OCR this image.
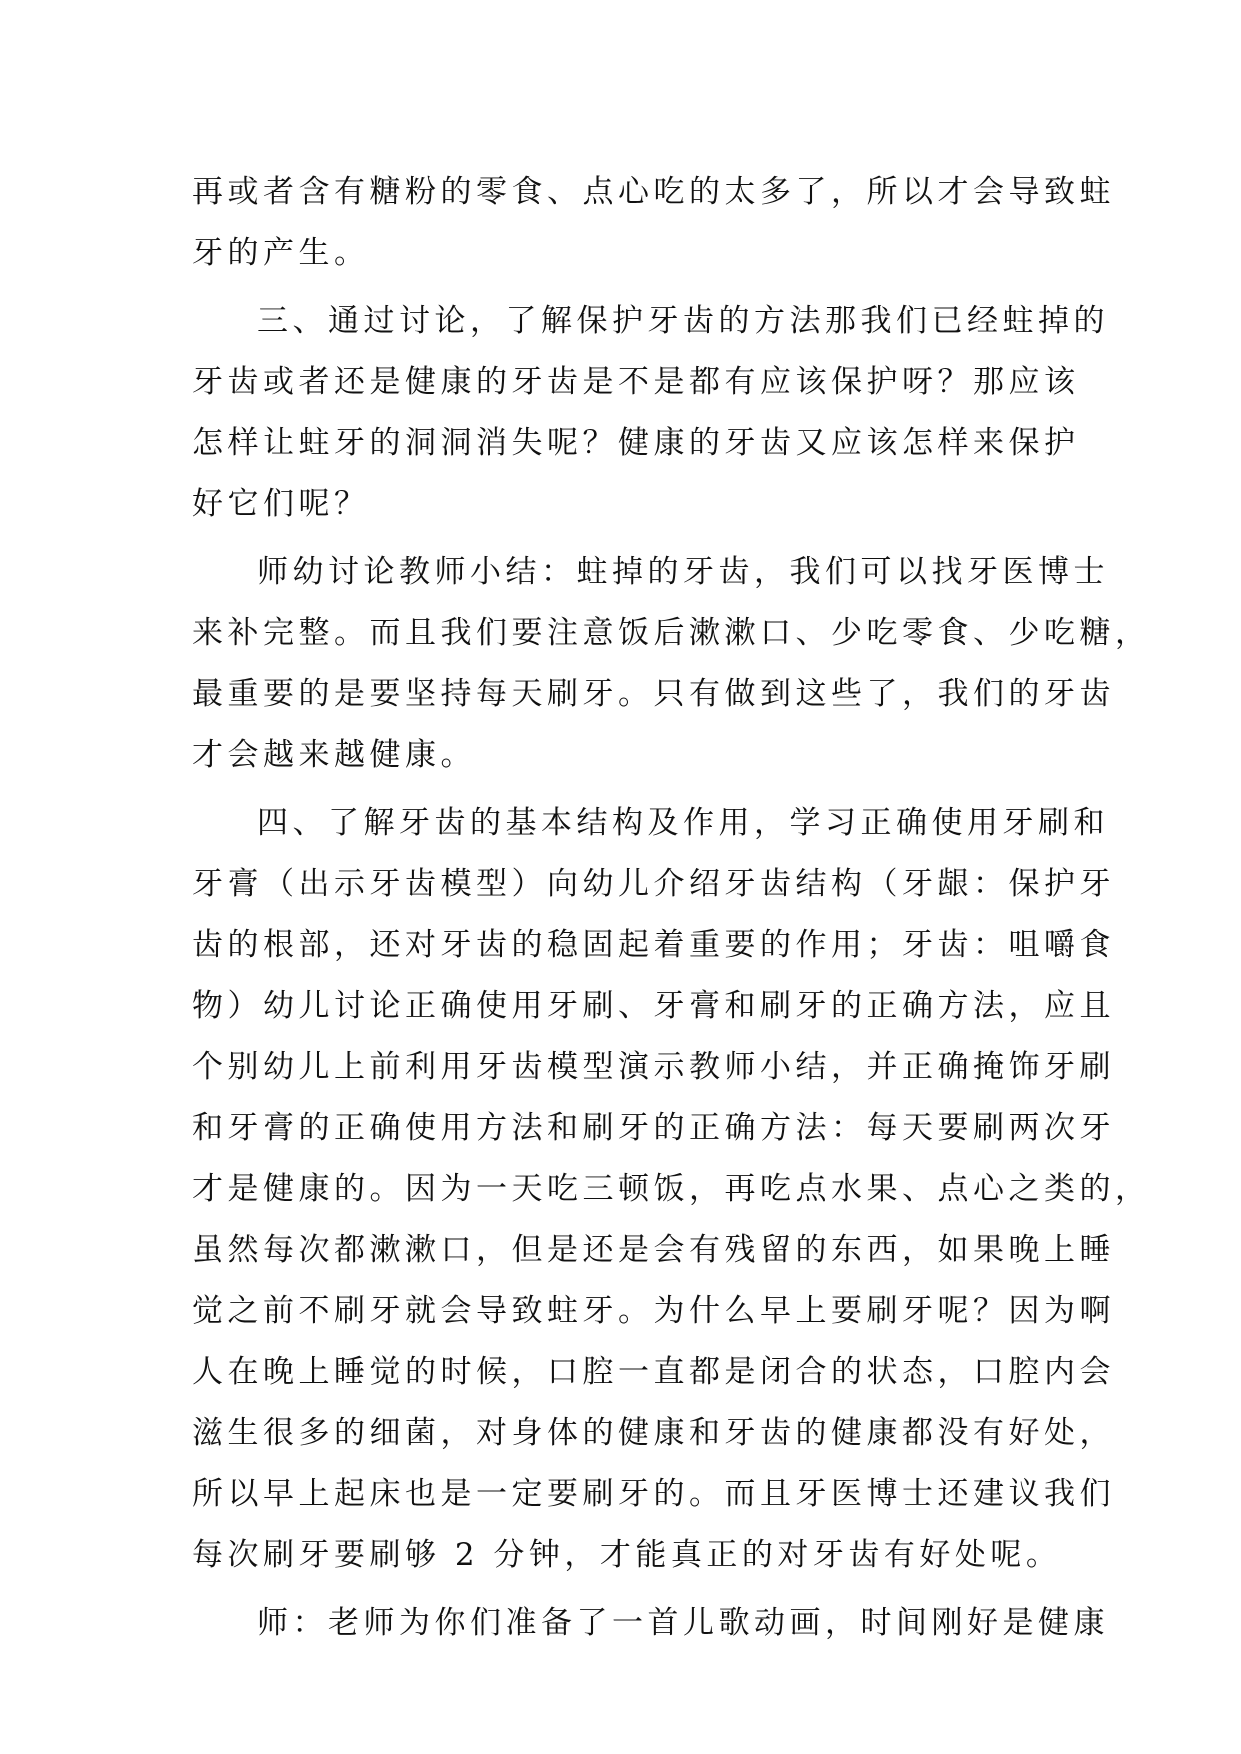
再或者含有糖粉的零食、点心吃的太多了，所以才会导致蛀
牙的产生。
三、通过讨论，了解保护牙齿的方法那我们已经蛀掉的
牙齿或者还是健康的牙齿是不是都有应该保护呀？那应该
怎样让蛀牙的洞洞消失呢？健康的牙齿又应该怎样来保护
好它们呢？
师幼讨论教师小结：蛀掉的牙齿，我们可以找牙医博士
来补完整。而且我们要注意饭后漱漱口、少吃零食、少吃糖，
最重要的是要坚持每天刷牙。只有做到这些了，我们的牙齿
才会越来越健康。
四、了解牙齿的基本结构及作用，学习正确使用牙刷和
牙膏（出示牙齿模型）向幼儿介绍牙齿结构（牙龈：保护牙
齿的根部，还对牙齿的稳固起着重要的作用；牙齿：咀嚼食
物）幼儿讨论正确使用牙刷、牙膏和刷牙的正确方法，应且
个别幼儿上前利用牙齿模型演示教师小结，并正确掩饰牙刷
和牙膏的正确使用方法和刷牙的正确方法：每天要刷两次牙
才是健康的。因为一天吃三顿饭，再吃点水果、点心之类的，
虽然每次都漱漱口，但是还是会有残留的东西，如果晚上睡
觉之前不刷牙就会导致蛀牙。为什么早上要刷牙呢？因为啊
人在晚上睡觉的时候，口腔一直都是闭合的状态，口腔内会
滋生很多的细菌，对身体的健康和牙齿的健康都没有好处，
所以早上起床也是一定要刷牙的。而且牙医博士还建议我们
每次刷牙要刷够 2 分钟，才能真正的对牙齿有好处呢。
师：老师为你们准备了一首儿歌动画，时间刚好是健康
